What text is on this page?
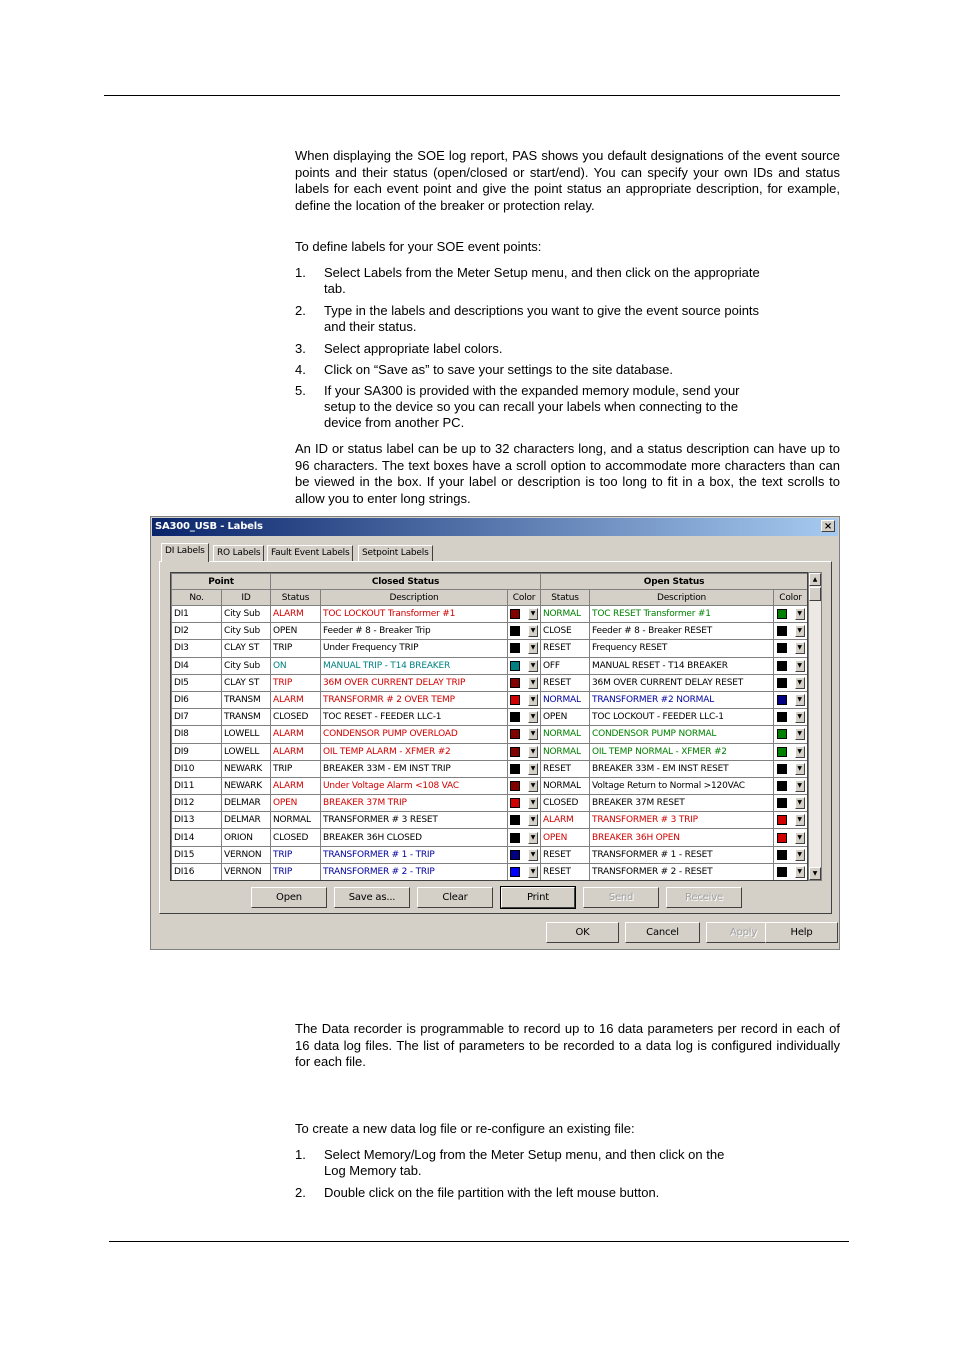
When displaying the SOE log report, PAS shows you default designations of the event source points and their status (open/closed or start/end). You can specify your own IDs and status labels for each event point and give the point status an appropriate description, for example, define the location of the breaker or protection relay.

To define labels for your SOE event points:

1. Select Labels from the Meter Setup menu, and then click on the appropriate tab.
2. Type in the labels and descriptions you want to give the event source points and their status.
3. Select appropriate label colors.
4. Click on “Save as” to save your settings to the site database.
5. If your SA300 is provided with the expanded memory module, send your setup to the device so you can recall your labels when connecting to the device from another PC.

An ID or status label can be up to 32 characters long, and a status description can have up to 96 characters. The text boxes have a scroll option to accommodate more characters than can be viewed in the box. If your label or description is too long to fit in a box, the text scrolls to allow you to enter long strings.

SA300_USB - Labels	×
DI Labels	RO Labels	Fault Event Labels	Setpoint Labels
Point		Closed Status			Open Status		
No.	ID	Status	Description	Color	Status	Description	Color
DI1	City Sub	ALARM	TOC LOCKOUT Transformer #1	▼	NORMAL	TOC RESET Transformer #1	▼
DI2	City Sub	OPEN	Feeder # 8 - Breaker Trip	▼	CLOSE	Feeder # 8 - Breaker RESET	▼
DI3	CLAY ST	TRIP	Under Frequency TRIP	▼	RESET	Frequency RESET	▼
DI4	City Sub	ON	MANUAL TRIP - T14 BREAKER	▼	OFF	MANUAL RESET - T14 BREAKER	▼
DI5	CLAY ST	TRIP	36M OVER CURRENT DELAY TRIP	▼	RESET	36M OVER CURRENT DELAY RESET	▼
DI6	TRANSM	ALARM	TRANSFORMR # 2 OVER TEMP	▼	NORMAL	TRANSFORMER #2 NORMAL	▼
DI7	TRANSM	CLOSED	TOC RESET - FEEDER LLC-1	▼	OPEN	TOC LOCKOUT - FEEDER LLC-1	▼
DI8	LOWELL	ALARM	CONDENSOR PUMP OVERLOAD	▼	NORMAL	CONDENSOR PUMP NORMAL	▼
DI9	LOWELL	ALARM	OIL TEMP ALARM - XFMER #2	▼	NORMAL	OIL TEMP NORMAL - XFMER #2	▼
DI10	NEWARK	TRIP	BREAKER 33M - EM INST TRIP	▼	RESET	BREAKER 33M - EM INST RESET	▼
DI11	NEWARK	ALARM	Under Voltage Alarm <108 VAC	▼	NORMAL	Voltage Return to Normal >120VAC	▼
DI12	DELMAR	OPEN	BREAKER 37M TRIP	▼	CLOSED	BREAKER 37M RESET	▼
DI13	DELMAR	NORMAL	TRANSFORMER # 3 RESET	▼	ALARM	TRANSFORMER # 3 TRIP	▼
DI14	ORION	CLOSED	BREAKER 36H CLOSED	▼	OPEN	BREAKER 36H OPEN	▼
DI15	VERNON	TRIP	TRANSFORMER # 1 - TRIP	▼	RESET	TRANSFORMER # 1 - RESET	▼
DI16	VERNON	TRIP	TRANSFORMER # 2 - TRIP	▼	RESET	TRANSFORMER # 2 - RESET	▼
▲
▼
Open	Save as...	Clear	Print	Send	Receive
OK	Cancel	Apply	Help

The Data recorder is programmable to record up to 16 data parameters per record in each of 16 data log files. The list of parameters to be recorded to a data log is configured individually for each file.

To create a new data log file or re-configure an existing file:

1. Select Memory/Log from the Meter Setup menu, and then click on the Log Memory tab.
2. Double click on the file partition with the left mouse button.
